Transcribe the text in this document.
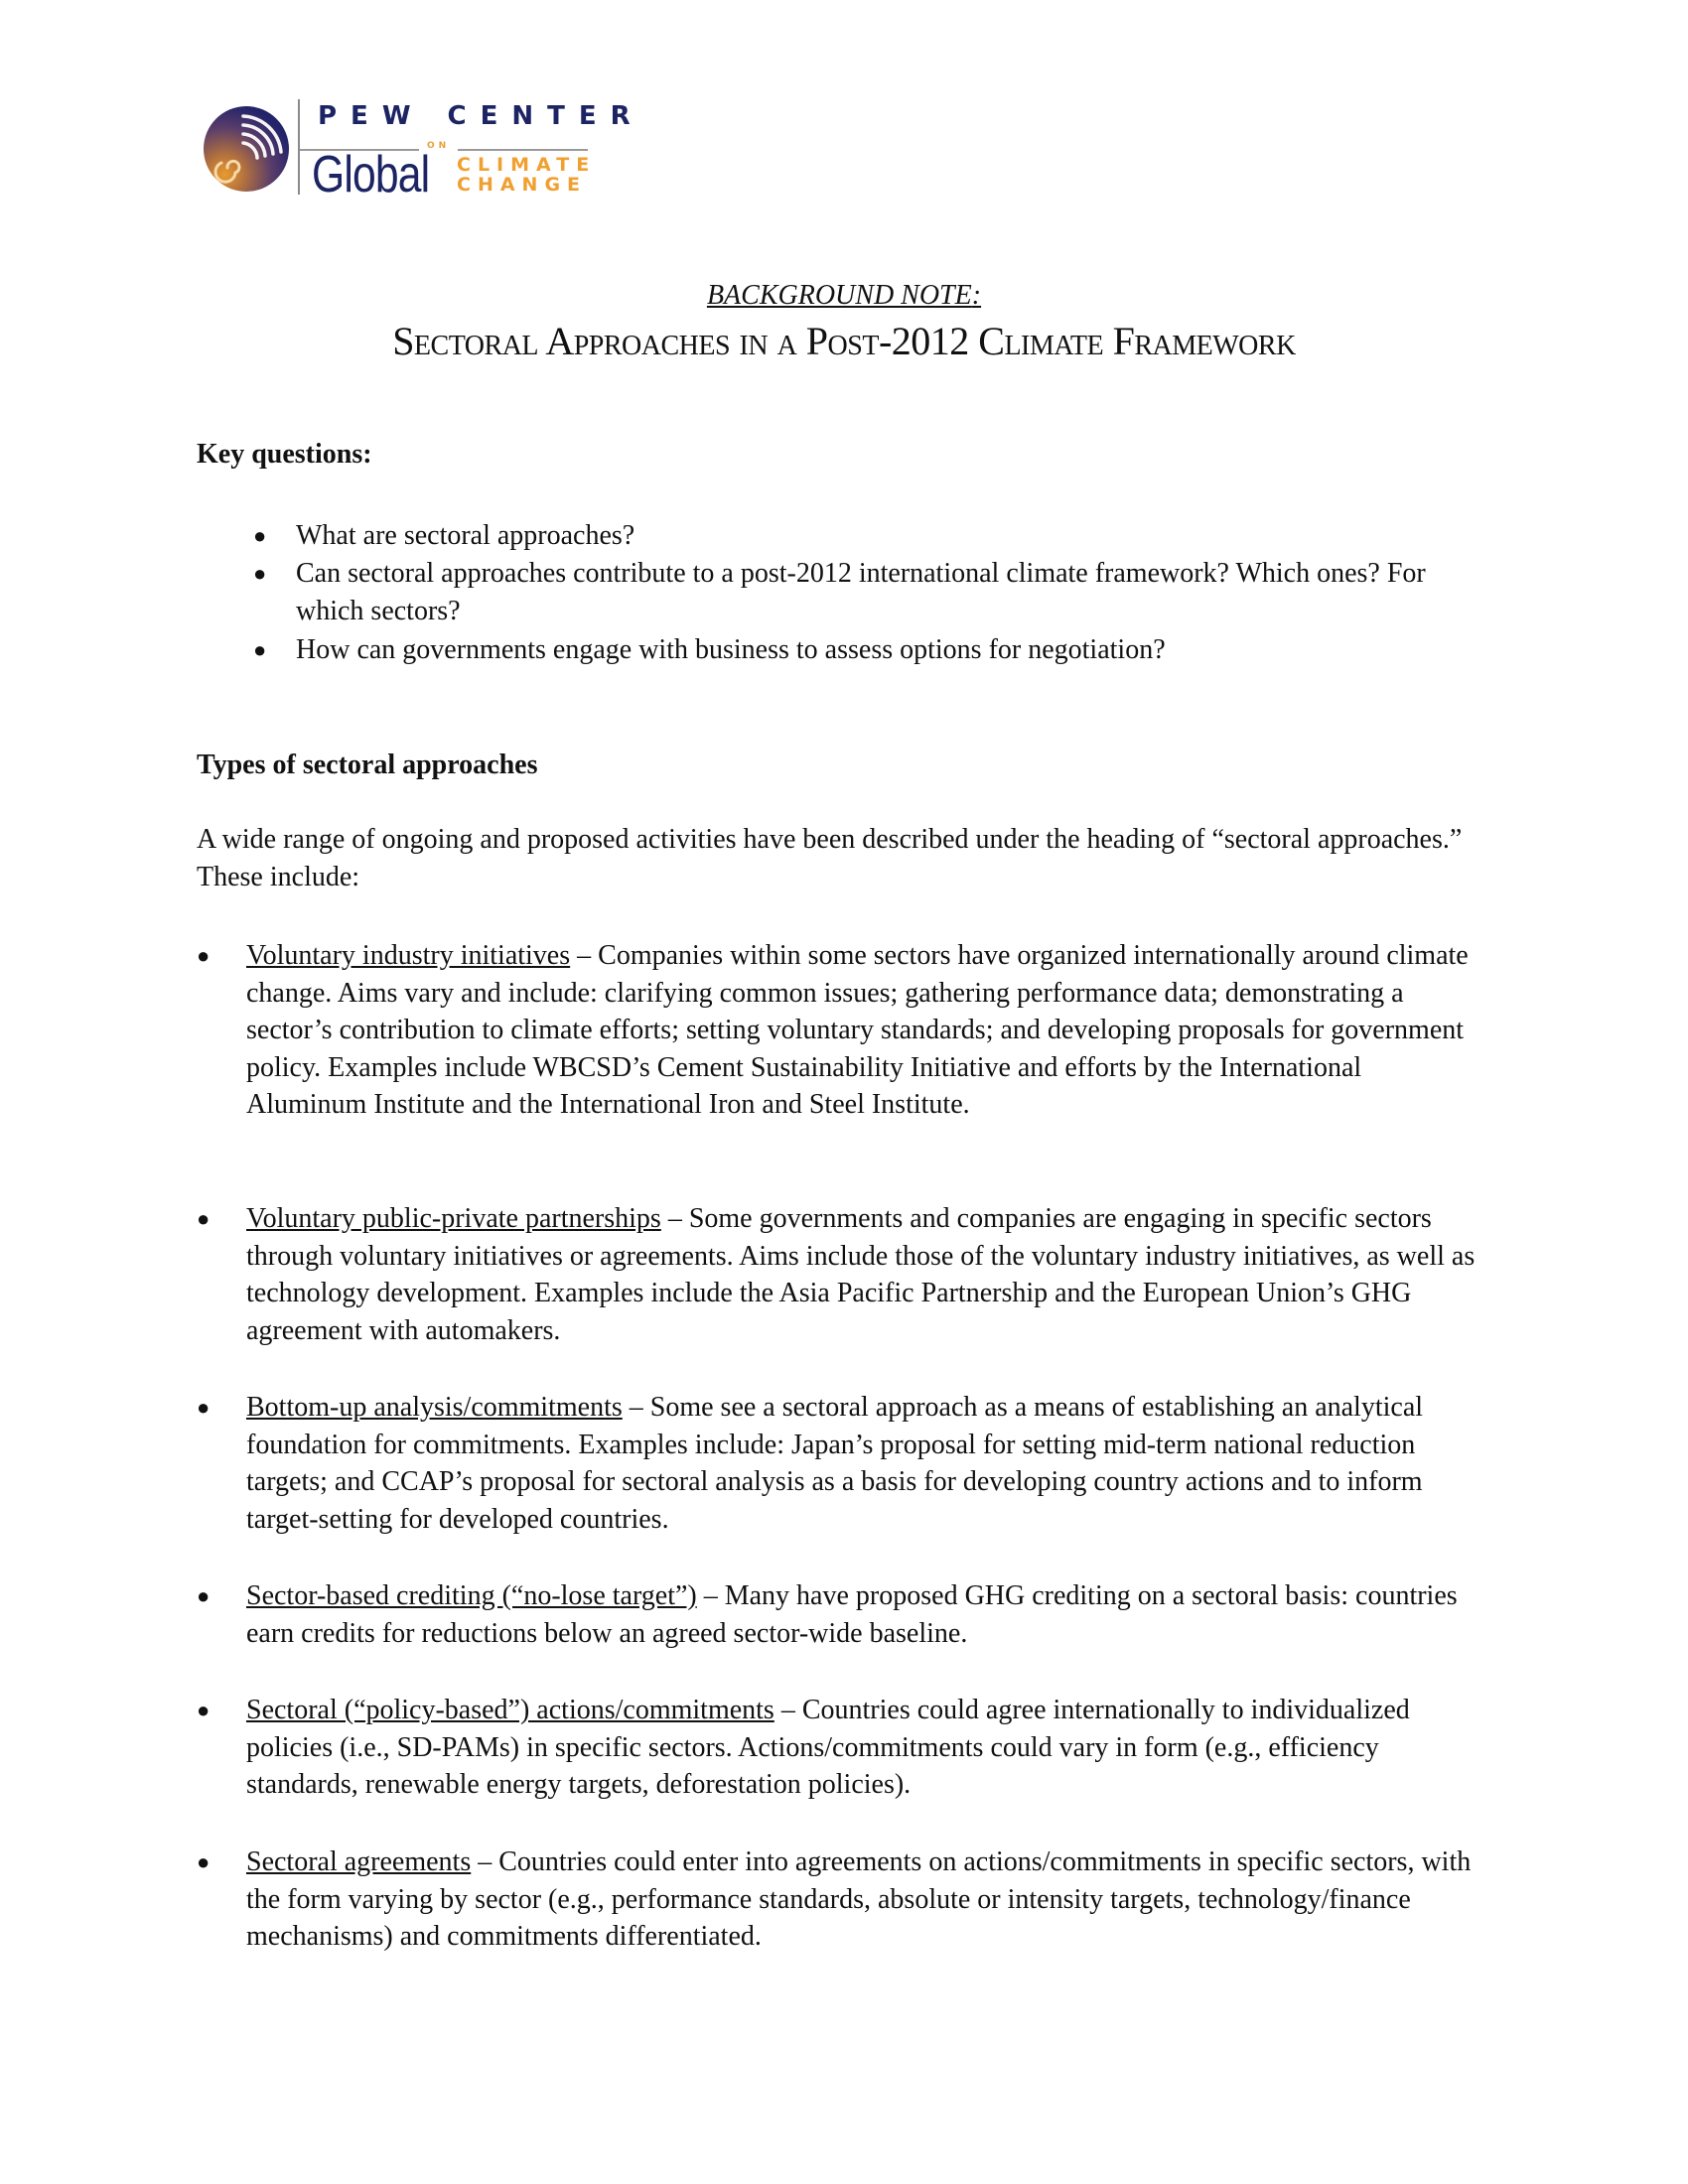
PEW CENTER
ON
Global CLIMATE
CHANGE
BACKGROUND NOTE:
Sectoral Approaches in a Post-2012 Climate Framework
Key questions:
● What are sectoral approaches?
● Can sectoral approaches contribute to a post-2012 international climate framework? Which ones? For which sectors?
● How can governments engage with business to assess options for negotiation?
Types of sectoral approaches
A wide range of ongoing and proposed activities have been described under the heading of “sectoral approaches.” These include:
● Voluntary industry initiatives – Companies within some sectors have organized internationally around climate change. Aims vary and include: clarifying common issues; gathering performance data; demonstrating a sector’s contribution to climate efforts; setting voluntary standards; and developing proposals for government policy. Examples include WBCSD’s Cement Sustainability Initiative and efforts by the International Aluminum Institute and the International Iron and Steel Institute.
● Voluntary public-private partnerships – Some governments and companies are engaging in specific sectors through voluntary initiatives or agreements. Aims include those of the voluntary industry initiatives, as well as technology development. Examples include the Asia Pacific Partnership and the European Union’s GHG agreement with automakers.
● Bottom-up analysis/commitments – Some see a sectoral approach as a means of establishing an analytical foundation for commitments. Examples include: Japan’s proposal for setting mid-term national reduction targets; and CCAP’s proposal for sectoral analysis as a basis for developing country actions and to inform target-setting for developed countries.
● Sector-based crediting (“no-lose target”) – Many have proposed GHG crediting on a sectoral basis: countries earn credits for reductions below an agreed sector-wide baseline.
● Sectoral (“policy-based”) actions/commitments – Countries could agree internationally to individualized policies (i.e., SD-PAMs) in specific sectors. Actions/commitments could vary in form (e.g., efficiency standards, renewable energy targets, deforestation policies).
● Sectoral agreements – Countries could enter into agreements on actions/commitments in specific sectors, with the form varying by sector (e.g., performance standards, absolute or intensity targets, technology/finance mechanisms) and commitments differentiated.
